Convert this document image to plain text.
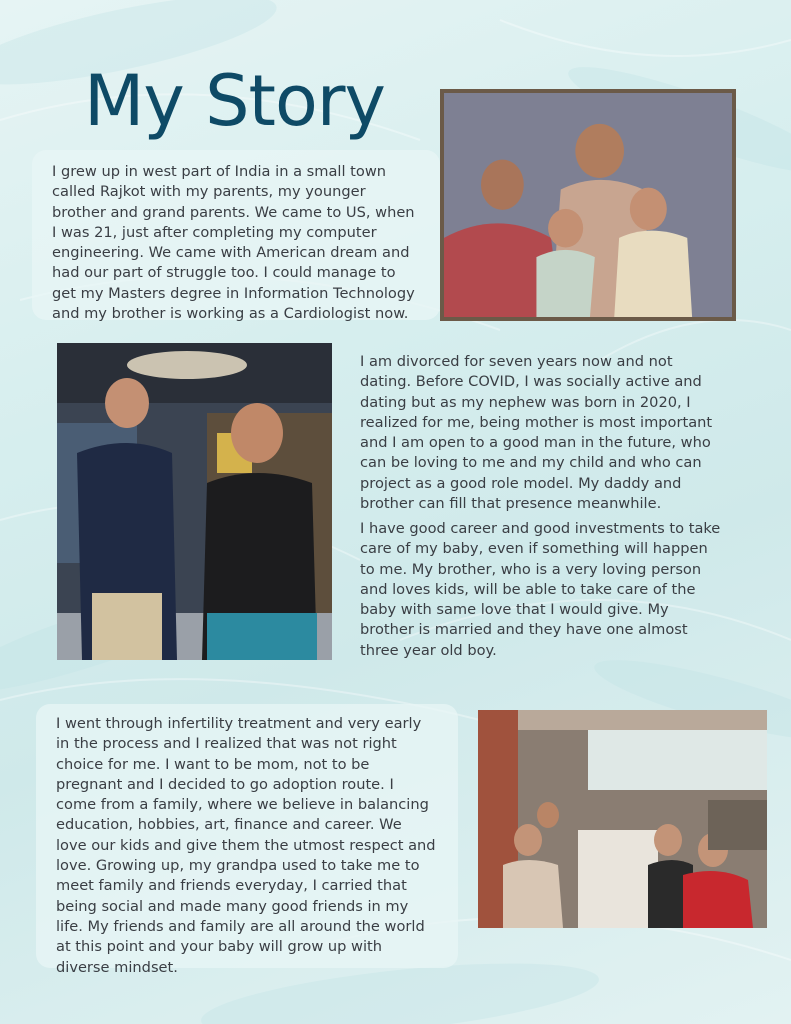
My Story

I grew up in west part of India in a small town
called Rajkot with my parents, my younger
brother and grand parents. We came to US, when
I was 21, just after completing my computer
engineering. We came with American dream and
had our part of struggle too. I could manage to
get my Masters degree in Information Technology
and my brother is working as a Cardiologist now.

I am divorced for seven years now and not
dating. Before COVID, I was socially active and
dating but as my nephew was born in 2020, I
realized for me, being mother is most important
and I am open to a good man in the future, who
can be loving to me and my child and who can
project as a good role model. My daddy and
brother can fill that presence meanwhile.

I have good career and good investments to take
care of my baby, even if something will happen
to me. My brother, who is a very loving person
and loves kids, will be able to take care of the
baby with same love that I would give. My
brother is married and they have one almost
three year old boy.

I went through infertility treatment and very early
in the process and I realized that was not right
choice for me. I want to be mom, not to be
pregnant and I decided to go adoption route. I
come from a family, where we believe in balancing
education, hobbies, art, finance and career. We
love our kids and give them the utmost respect and
love. Growing up, my grandpa used to take me to
meet family and friends everyday, I carried that
being social and made many good friends in my
life. My friends and family are all around the world
at this point and your baby will grow up with
diverse mindset.
